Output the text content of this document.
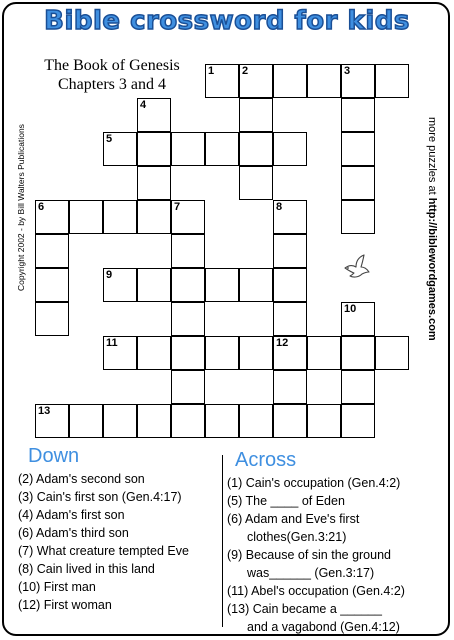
Bible crossword for kids
The Book of Genesis
Chapters 3 and 4
Copyright 2002 - by Bill Walters Publications	more puzzles at http://biblewordgames.com
1	2	3
4
5
6	7	8
9
10
11	12
13
Down	Across
(2) Adam's second son
(3) Cain's first son (Gen.4:17)
(4) Adam's first son
(6) Adam's third son
(7) What creature tempted Eve
(8) Cain lived in this land
(10) First man
(12) First woman
(1) Cain's occupation (Gen.4:2)
(5) The ____ of Eden
(6) Adam and Eve's first
clothes(Gen.3:21)
(9) Because of sin the ground
was______ (Gen.3:17)
(11) Abel's occupation (Gen.4:2)
(13) Cain became a ______
and a vagabond (Gen.4:12)
